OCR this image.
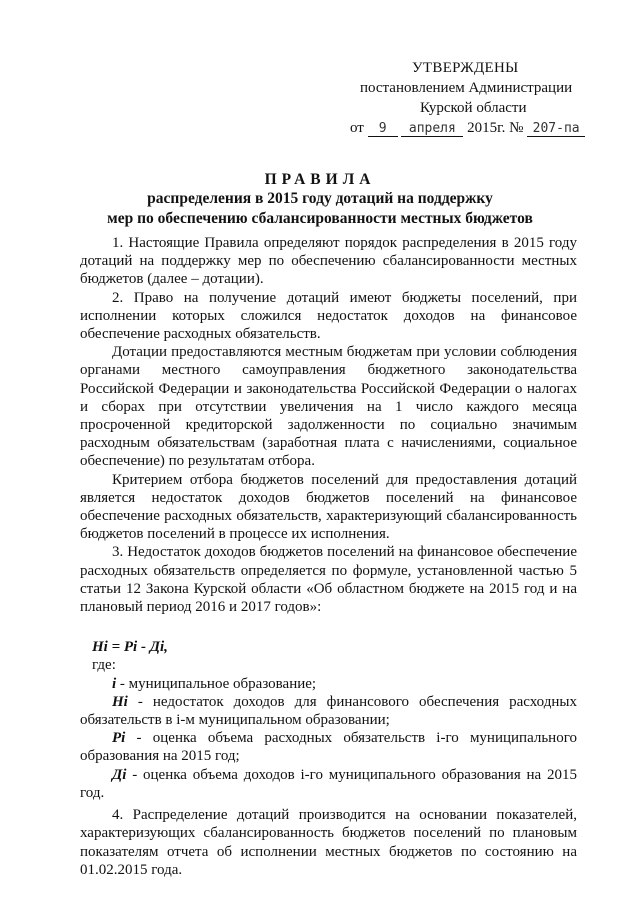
УТВЕРЖДЕНЫ
постановлением Администрации
Курской области
от 9 апреля 2015г. № 207-па
ПРАВИЛА
распределения в 2015 году дотаций на поддержку
мер по обеспечению сбалансированности местных бюджетов

1. Настоящие Правила определяют порядок распределения в 2015 году дотаций на поддержку мер по обеспечению сбалансированности местных бюджетов (далее – дотации).

2. Право на получение дотаций имеют бюджеты поселений, при исполнении которых сложился недостаток доходов на финансовое обеспечение расходных обязательств.

Дотации предоставляются местным бюджетам при условии соблюдения органами местного самоуправления бюджетного законодательства Российской Федерации и законодательства Российской Федерации о налогах и сборах при отсутствии увеличения на 1 число каждого месяца просроченной кредиторской задолженности по социально значимым расходным обязательствам (заработная плата с начислениями, социальное обеспечение) по результатам отбора.

Критерием отбора бюджетов поселений для предоставления дотаций является недостаток доходов бюджетов поселений на финансовое обеспечение расходных обязательств, характеризующий сбалансированность бюджетов поселений в процессе их исполнения.

3. Недостаток доходов бюджетов поселений на финансовое обеспечение расходных обязательств определяется по формуле, установленной частью 5 статьи 12 Закона Курской области «Об областном бюджете на 2015 год и на плановый период 2016 и 2017 годов»:

Нi = Рi - Дi,

где:

i - муниципальное образование;

Нi - недостаток доходов для финансового обеспечения расходных обязательств в i-м муниципальном образовании;

Рi - оценка объема расходных обязательств i-го муниципального образования на 2015 год;

Дi - оценка объема доходов i-го муниципального образования на 2015 год.

4. Распределение дотаций производится на основании показателей, характеризующих сбалансированность бюджетов поселений по плановым показателям отчета об исполнении местных бюджетов по состоянию на 01.02.2015 года.
